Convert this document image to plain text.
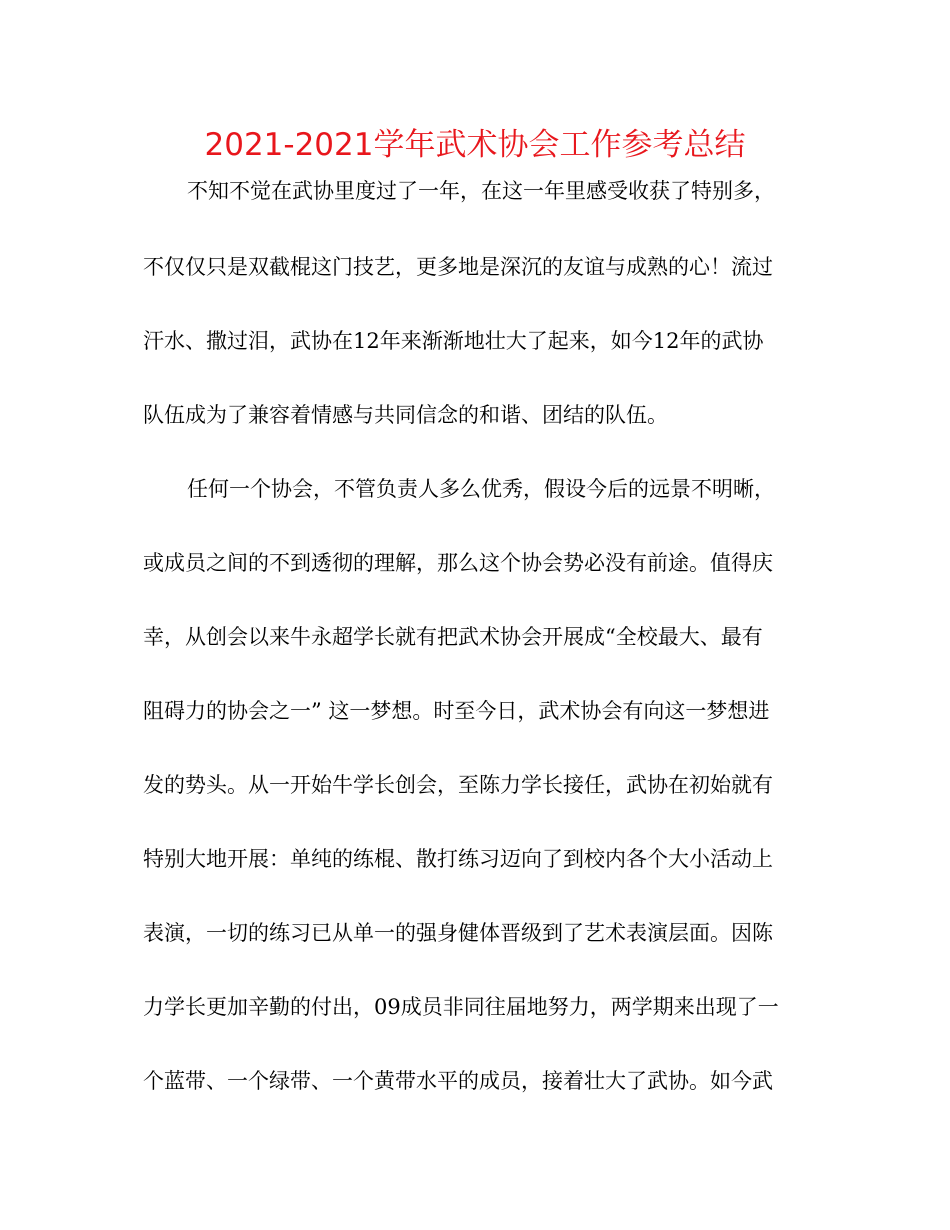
2021-2021学年武术协会工作参考总结
不知不觉在武协里度过了一年，在这一年里感受收获了特别多，
不仅仅只是双截棍这门技艺，更多地是深沉的友谊与成熟的心！流过
汗水、撒过泪，武协在12年来渐渐地壮大了起来，如今12年的武协
队伍成为了兼容着情感与共同信念的和谐、团结的队伍。
任何一个协会，不管负责人多么优秀，假设今后的远景不明晰，
或成员之间的不到透彻的理解，那么这个协会势必没有前途。值得庆
幸，从创会以来牛永超学长就有把武术协会开展成“全校最大、最有
阻碍力的协会之一” 这一梦想。时至今日，武术协会有向这一梦想进
发的势头。从一开始牛学长创会，至陈力学长接任，武协在初始就有
特别大地开展：单纯的练棍、散打练习迈向了到校内各个大小活动上
表演，一切的练习已从单一的强身健体晋级到了艺术表演层面。因陈
力学长更加辛勤的付出，09成员非同往届地努力，两学期来出现了一
个蓝带、一个绿带、一个黄带水平的成员，接着壮大了武协。如今武
